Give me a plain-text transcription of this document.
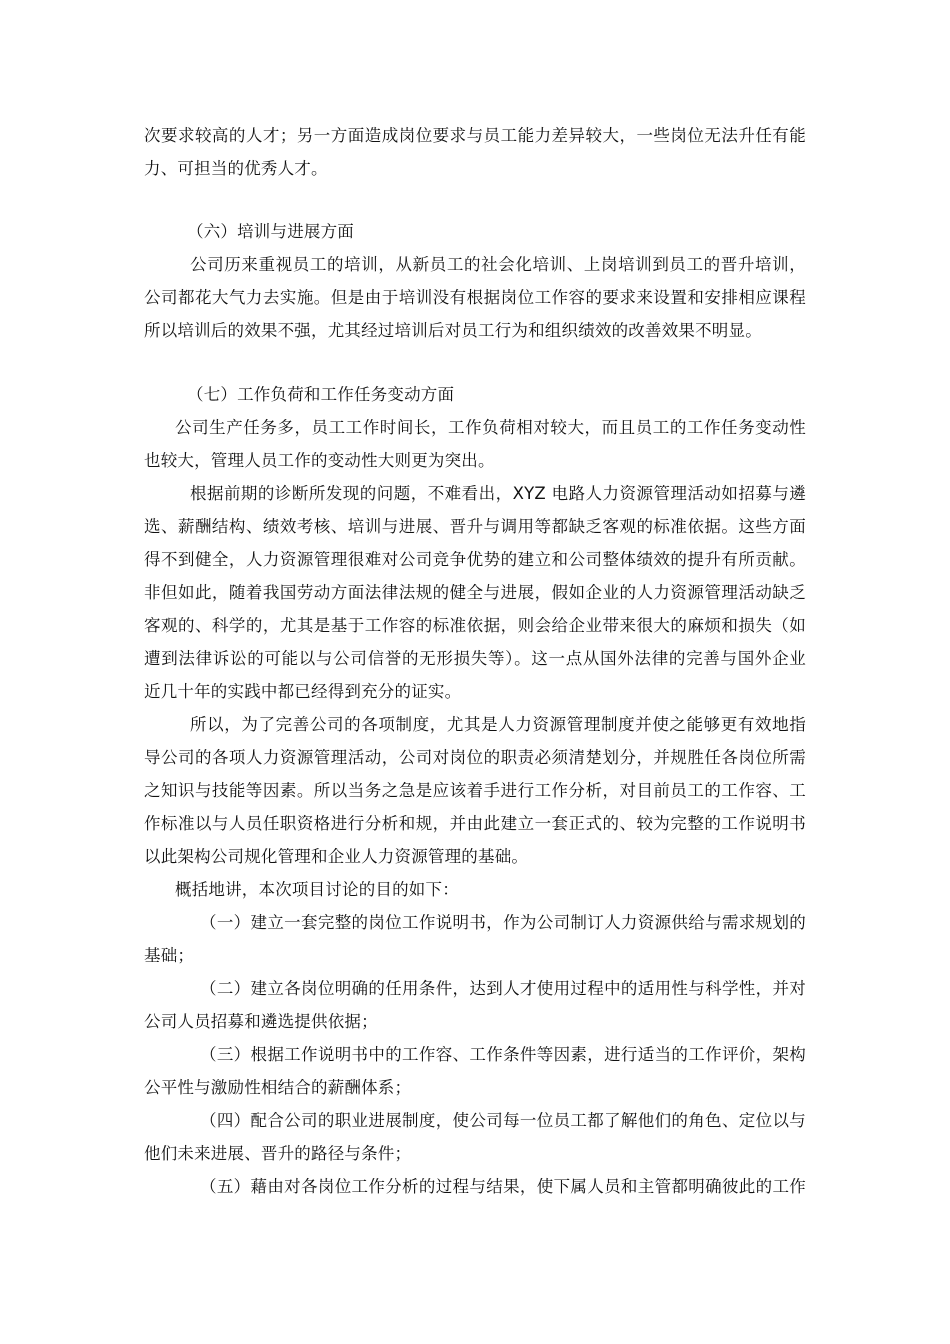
次要求较高的人才；另一方面造成岗位要求与员工能力差异较大，一些岗位无法升任有能
力、可担当的优秀人才。
（六）培训与进展方面
公司历来重视员工的培训，从新员工的社会化培训、上岗培训到员工的晋升培训，
公司都花大气力去实施。但是由于培训没有根据岗位工作容的要求来设置和安排相应课程
所以培训后的效果不强，尤其经过培训后对员工行为和组织绩效的改善效果不明显。
（七）工作负荷和工作任务变动方面
公司生产任务多，员工工作时间长，工作负荷相对较大，而且员工的工作任务变动性
也较大，管理人员工作的变动性大则更为突出。
根据前期的诊断所发现的问题，不难看出，XYZ 电路人力资源管理活动如招募与遴
选、薪酬结构、绩效考核、培训与进展、晋升与调用等都缺乏客观的标准依据。这些方面
得不到健全，人力资源管理很难对公司竞争优势的建立和公司整体绩效的提升有所贡献。
非但如此，随着我国劳动方面法律法规的健全与进展，假如企业的人力资源管理活动缺乏
客观的、科学的，尤其是基于工作容的标准依据，则会给企业带来很大的麻烦和损失（如
遭到法律诉讼的可能以与公司信誉的无形损失等）。这一点从国外法律的完善与国外企业
近几十年的实践中都已经得到充分的证实。
所以，为了完善公司的各项制度，尤其是人力资源管理制度并使之能够更有效地指
导公司的各项人力资源管理活动，公司对岗位的职责必须清楚划分，并规胜任各岗位所需
之知识与技能等因素。所以当务之急是应该着手进行工作分析，对目前员工的工作容、工
作标准以与人员任职资格进行分析和规，并由此建立一套正式的、较为完整的工作说明书
以此架构公司规化管理和企业人力资源管理的基础。
概括地讲，本次项目讨论的目的如下：
（一）建立一套完整的岗位工作说明书，作为公司制订人力资源供给与需求规划的
基础；
（二）建立各岗位明确的任用条件，达到人才使用过程中的适用性与科学性，并对
公司人员招募和遴选提供依据；
（三）根据工作说明书中的工作容、工作条件等因素，进行适当的工作评价，架构
公平性与激励性相结合的薪酬体系；
（四）配合公司的职业进展制度，使公司每一位员工都了解他们的角色、定位以与
他们未来进展、晋升的路径与条件；
（五）藉由对各岗位工作分析的过程与结果，使下属人员和主管都明确彼此的工作
